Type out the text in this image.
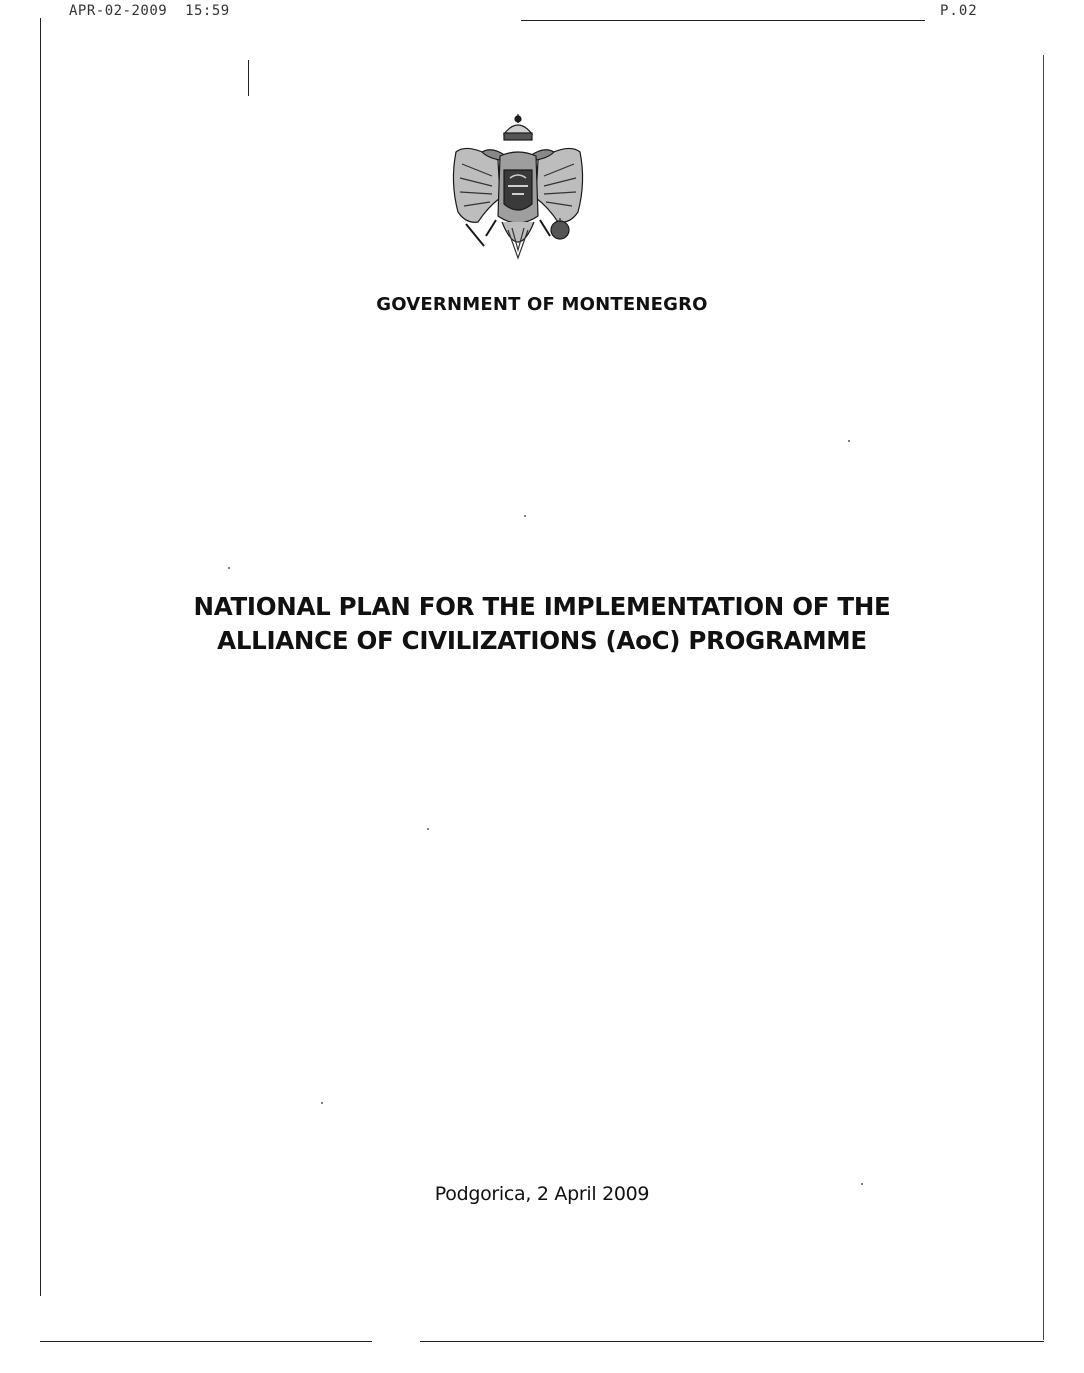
APR-02-2009  15:59	P.02
GOVERNMENT OF MONTENEGRO
NATIONAL PLAN FOR THE IMPLEMENTATION OF THE
ALLIANCE OF CIVILIZATIONS (AoC) PROGRAMME
Podgorica, 2 April 2009
